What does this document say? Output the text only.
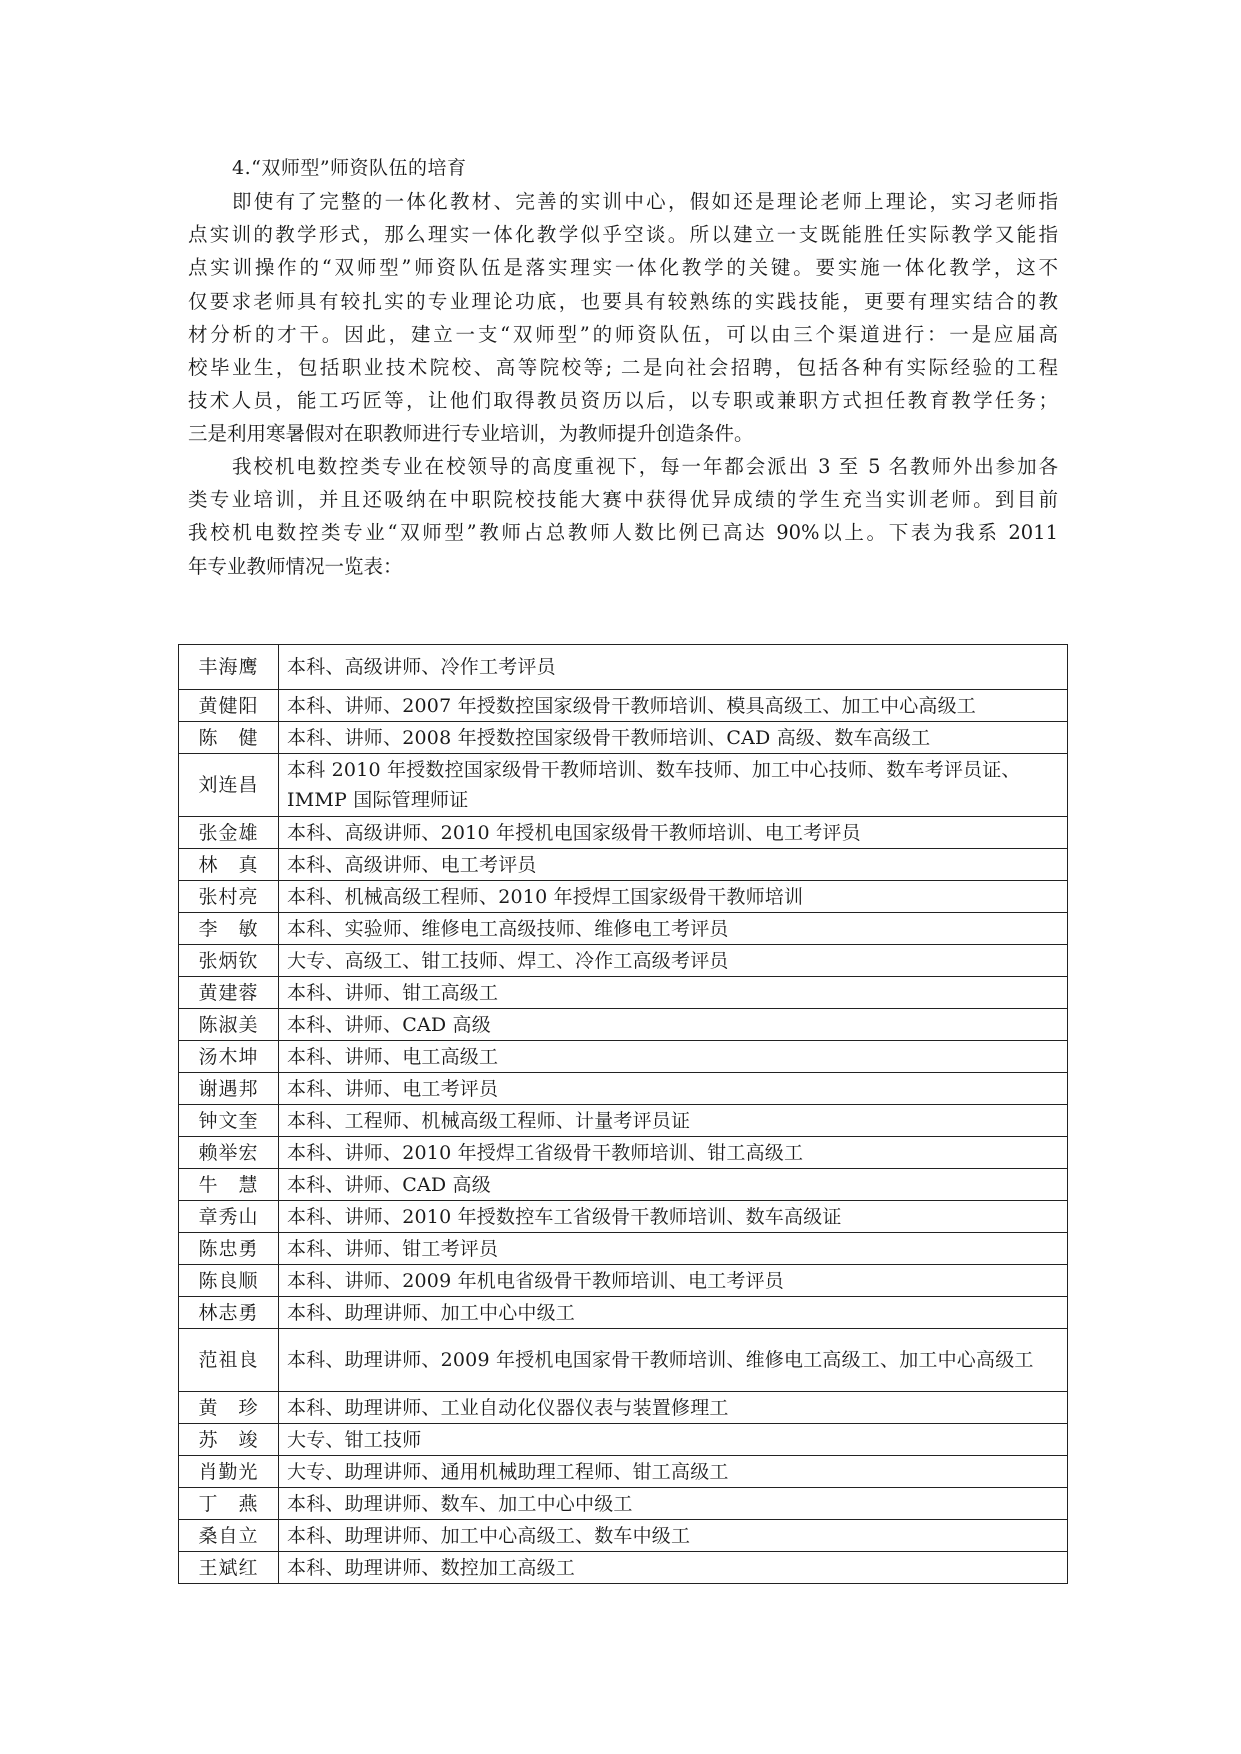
4.“双师型”师资队伍的培育
即使有了完整的一体化教材、完善的实训中心，假如还是理论老师上理论，实习老师指
点实训的教学形式，那么理实一体化教学似乎空谈。所以建立一支既能胜任实际教学又能指
点实训操作的“双师型”师资队伍是落实理实一体化教学的关键。要实施一体化教学，这不
仅要求老师具有较扎实的专业理论功底，也要具有较熟练的实践技能，更要有理实结合的教
材分析的才干。因此，建立一支“双师型”的师资队伍，可以由三个渠道进行：一是应届高
校毕业生，包括职业技术院校、高等院校等; 二是向社会招聘，包括各种有实际经验的工程
技术人员，能工巧匠等，让他们取得教员资历以后，以专职或兼职方式担任教育教学任务；
三是利用寒暑假对在职教师进行专业培训，为教师提升创造条件。
我校机电数控类专业在校领导的高度重视下，每一年都会派出 3 至 5 名教师外出参加各
类专业培训，并且还吸纳在中职院校技能大赛中获得优异成绩的学生充当实训老师。到目前
我校机电数控类专业“双师型”教师占总教师人数比例已高达 90%以上。下表为我系 2011
年专业教师情况一览表：
丰海鹰	本科、高级讲师、冷作工考评员
黄健阳	本科、讲师、2007 年授数控国家级骨干教师培训、模具高级工、加工中心高级工
陈　健	本科、讲师、2008 年授数控国家级骨干教师培训、CAD 高级、数车高级工
刘连昌	本科 2010 年授数控国家级骨干教师培训、数车技师、加工中心技师、数车考评员证、IMMP 国际管理师证
张金雄	本科、高级讲师、2010 年授机电国家级骨干教师培训、电工考评员
林　真	本科、高级讲师、电工考评员
张村亮	本科、机械高级工程师、2010 年授焊工国家级骨干教师培训
李　敏	本科、实验师、维修电工高级技师、维修电工考评员
张炳钦	大专、高级工、钳工技师、焊工、冷作工高级考评员
黄建蓉	本科、讲师、钳工高级工
陈淑美	本科、讲师、CAD 高级
汤木坤	本科、讲师、电工高级工
谢遇邦	本科、讲师、电工考评员
钟文奎	本科、工程师、机械高级工程师、计量考评员证
赖举宏	本科、讲师、2010 年授焊工省级骨干教师培训、钳工高级工
牛　慧	本科、讲师、CAD 高级
章秀山	本科、讲师、2010 年授数控车工省级骨干教师培训、数车高级证
陈忠勇	本科、讲师、钳工考评员
陈良顺	本科、讲师、2009 年机电省级骨干教师培训、电工考评员
林志勇	本科、助理讲师、加工中心中级工
范祖良	本科、助理讲师、2009 年授机电国家骨干教师培训、维修电工高级工、加工中心高级工
黄　珍	本科、助理讲师、工业自动化仪器仪表与装置修理工
苏　竣	大专、钳工技师
肖勤光	大专、助理讲师、通用机械助理工程师、钳工高级工
丁　燕	本科、助理讲师、数车、加工中心中级工
桑自立	本科、助理讲师、加工中心高级工、数车中级工
王斌红	本科、助理讲师、数控加工高级工
